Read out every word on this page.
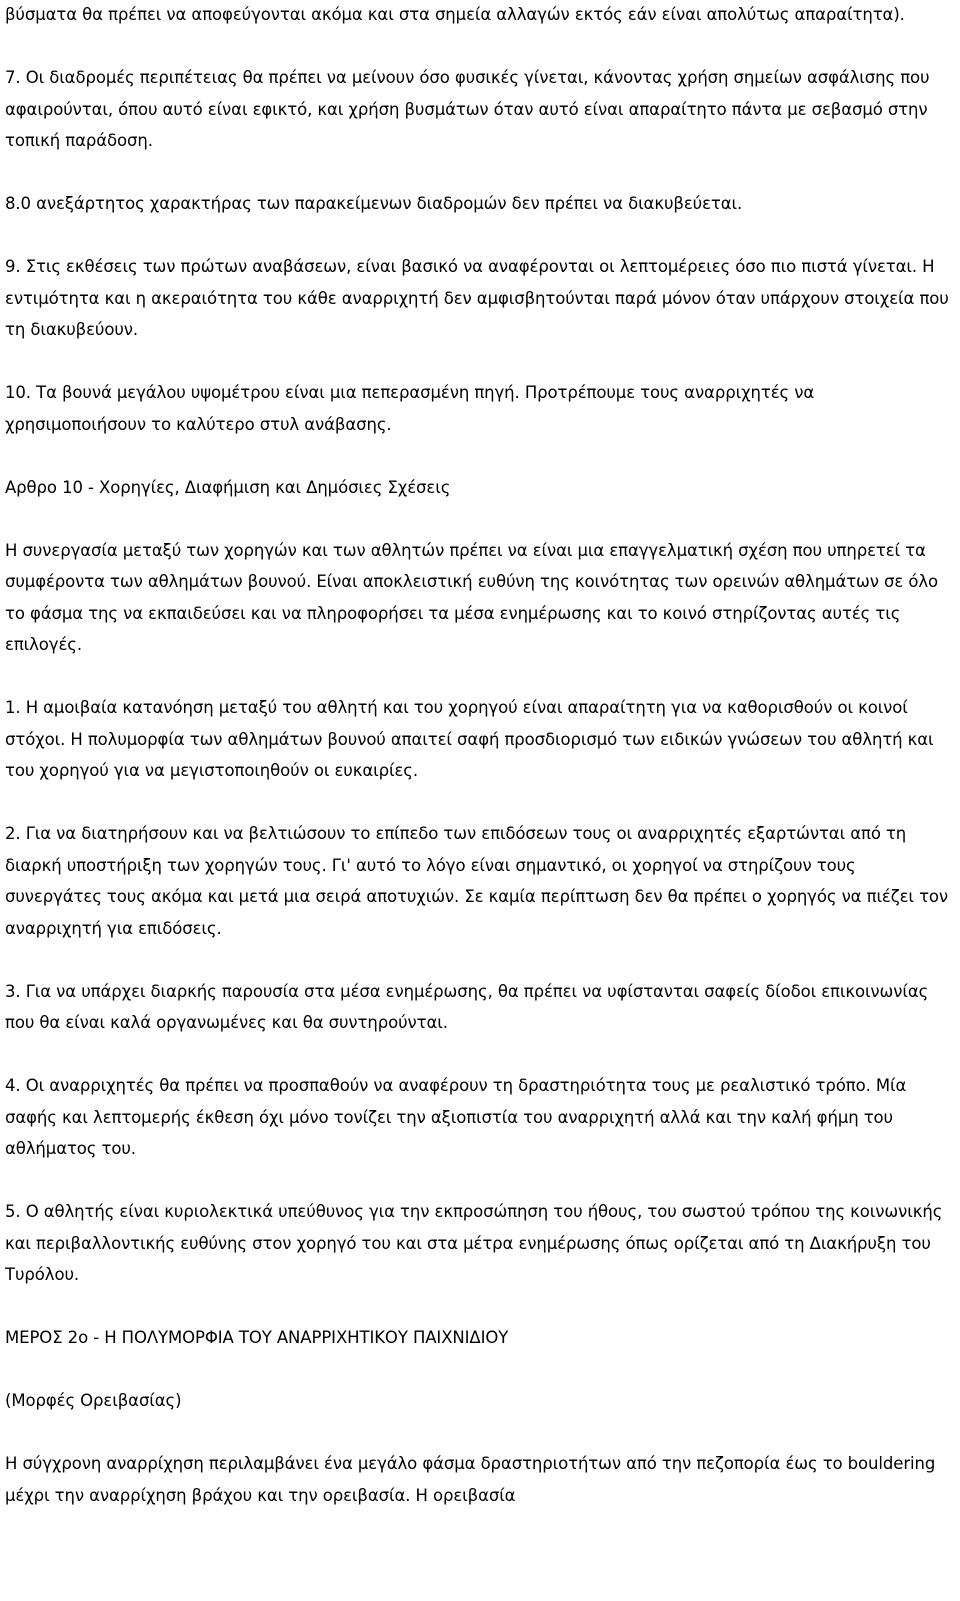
βύσματα θα πρέπει να αποφεύγονται ακόμα και στα σημεία αλλαγών εκτός εάν είναι απολύτως απαραίτητα).

7. Οι διαδρομές περιπέτειας θα πρέπει να μείνουν όσο φυσικές γίνεται, κάνοντας χρήση σημείων ασφάλισης που αφαιρούνται, όπου αυτό είναι εφικτό, και χρήση βυσμάτων όταν αυτό είναι απαραίτητο πάντα με σεβασμό στην τοπική παράδοση.

8.0 ανεξάρτητος χαρακτήρας των παρακείμενων διαδρομών δεν πρέπει να διακυβεύεται.

9. Στις εκθέσεις των πρώτων αναβάσεων, είναι βασικό να αναφέρονται οι λεπτομέρειες όσο πιο πιστά γίνεται. Η εντιμότητα και η ακεραιότητα του κάθε αναρριχητή δεν αμφισβητούνται παρά μόνον όταν υπάρχουν στοιχεία που τη διακυβεύουν.

10. Τα βουνά μεγάλου υψομέτρου είναι μια πεπερασμένη πηγή. Προτρέπουμε τους αναρριχητές να χρησιμοποιήσουν το καλύτερο στυλ ανάβασης.

Αρθρο 10 - Χορηγίες, Διαφήμιση και Δημόσιες Σχέσεις

Η συνεργασία μεταξύ των χορηγών και των αθλητών πρέπει να είναι μια επαγγελματική σχέση που υπηρετεί τα συμφέροντα των αθλημάτων βουνού. Είναι αποκλειστική ευθύνη της κοινότητας των ορεινών αθλημάτων σε όλο το φάσμα της να εκπαιδεύσει και να πληροφορήσει τα μέσα ενημέρωσης και το κοινό στηρίζοντας αυτές τις επιλογές.

1. Η αμοιβαία κατανόηση μεταξύ του αθλητή και του χορηγού είναι απαραίτητη για να καθορισθούν οι κοινοί στόχοι. Η πολυμορφία των αθλημάτων βουνού απαιτεί σαφή προσδιορισμό των ειδικών γνώσεων του αθλητή και του χορηγού για να μεγιστοποιηθούν οι ευκαιρίες.

2. Για να διατηρήσουν και να βελτιώσουν το επίπεδο των επιδόσεων τους οι αναρριχητές εξαρτώνται από τη διαρκή υποστήριξη των χορηγών τους. Γι' αυτό το λόγο είναι σημαντικό, οι χορηγοί να στηρίζουν τους συνεργάτες τους ακόμα και μετά μια σειρά αποτυχιών. Σε καμία περίπτωση δεν θα πρέπει ο χορηγός να πιέζει τον αναρριχητή για επιδόσεις.

3. Για να υπάρχει διαρκής παρουσία στα μέσα ενημέρωσης, θα πρέπει να υφίστανται σαφείς δίοδοι επικοινωνίας που θα είναι καλά οργανωμένες και θα συντηρούνται.

4. Οι αναρριχητές θα πρέπει να προσπαθούν να αναφέρουν τη δραστηριότητα τους με ρεαλιστικό τρόπο. Μία σαφής και λεπτομερής έκθεση όχι μόνο τονίζει την αξιοπιστία του αναρριχητή αλλά και την καλή φήμη του αθλήματος του.

5. Ο αθλητής είναι κυριολεκτικά υπεύθυνος για την εκπροσώπηση του ήθους, του σωστού τρόπου της κοινωνικής και περιβαλλοντικής ευθύνης στον χορηγό του και στα μέτρα ενημέρωσης όπως ορίζεται από τη Διακήρυξη του Τυρόλου.

ΜΕΡΟΣ 2ο - Η ΠΟΛΥΜΟΡΦΙΑ ΤΟΥ ΑΝΑΡΡΙΧΗΤΙΚΟΥ ΠΑΙΧΝΙΔΙΟΥ

(Μορφές Ορειβασίας)

Η σύγχρονη αναρρίχηση περιλαμβάνει ένα μεγάλο φάσμα δραστηριοτήτων από την πεζοπορία έως το bouldering μέχρι την αναρρίχηση βράχου και την ορειβασία. Η ορειβασία
